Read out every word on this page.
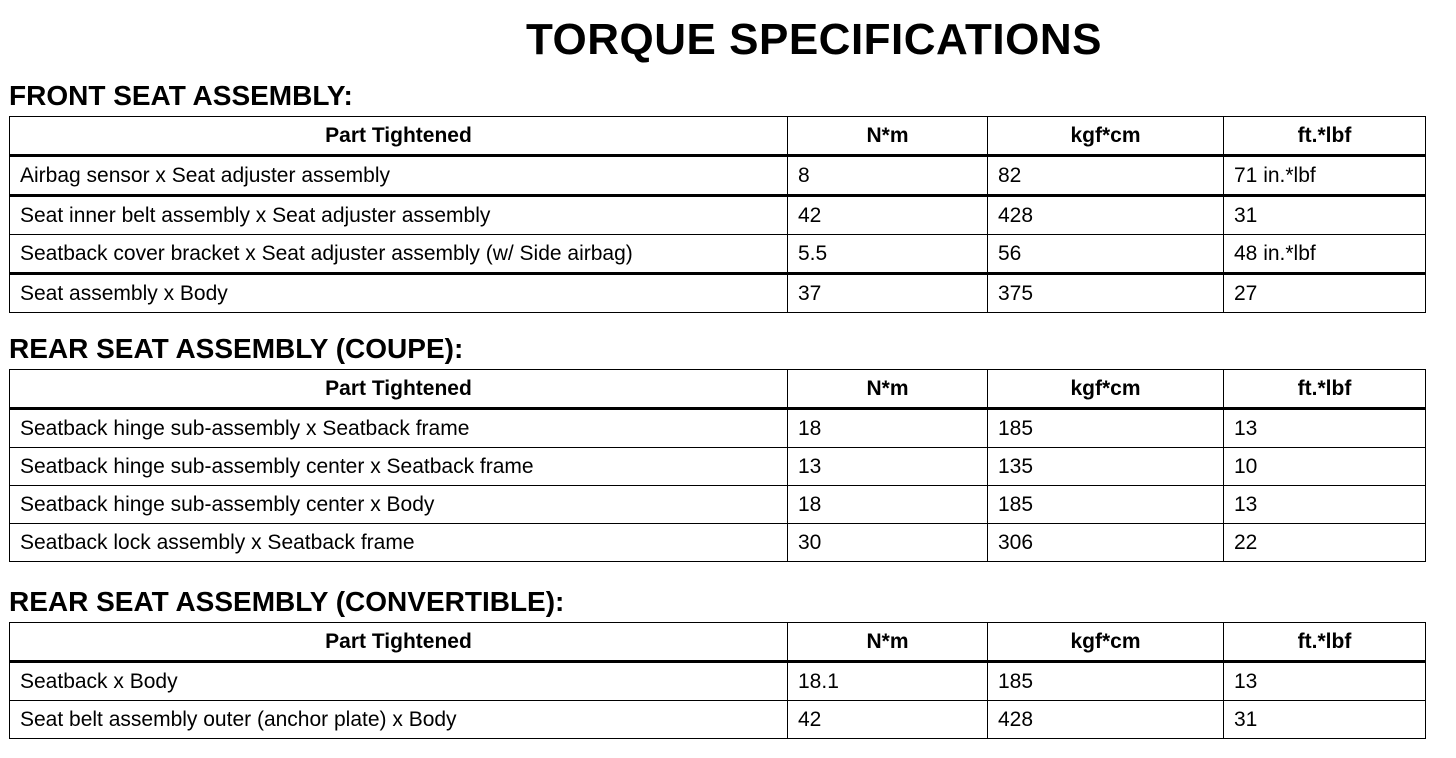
TORQUE SPECIFICATIONS
FRONT SEAT ASSEMBLY:
Part Tightened	N*m	kgf*cm	ft.*lbf
Airbag sensor x Seat adjuster assembly	8	82	71 in.*lbf
Seat inner belt assembly x Seat adjuster assembly	42	428	31
Seatback cover bracket x Seat adjuster assembly (w/ Side airbag)	5.5	56	48 in.*lbf
Seat assembly x Body	37	375	27
REAR SEAT ASSEMBLY (COUPE):
Part Tightened	N*m	kgf*cm	ft.*lbf
Seatback hinge sub-assembly x Seatback frame	18	185	13
Seatback hinge sub-assembly center x Seatback frame	13	135	10
Seatback hinge sub-assembly center x Body	18	185	13
Seatback lock assembly x Seatback frame	30	306	22
REAR SEAT ASSEMBLY (CONVERTIBLE):
Part Tightened	N*m	kgf*cm	ft.*lbf
Seatback x Body	18.1	185	13
Seat belt assembly outer (anchor plate) x Body	42	428	31
